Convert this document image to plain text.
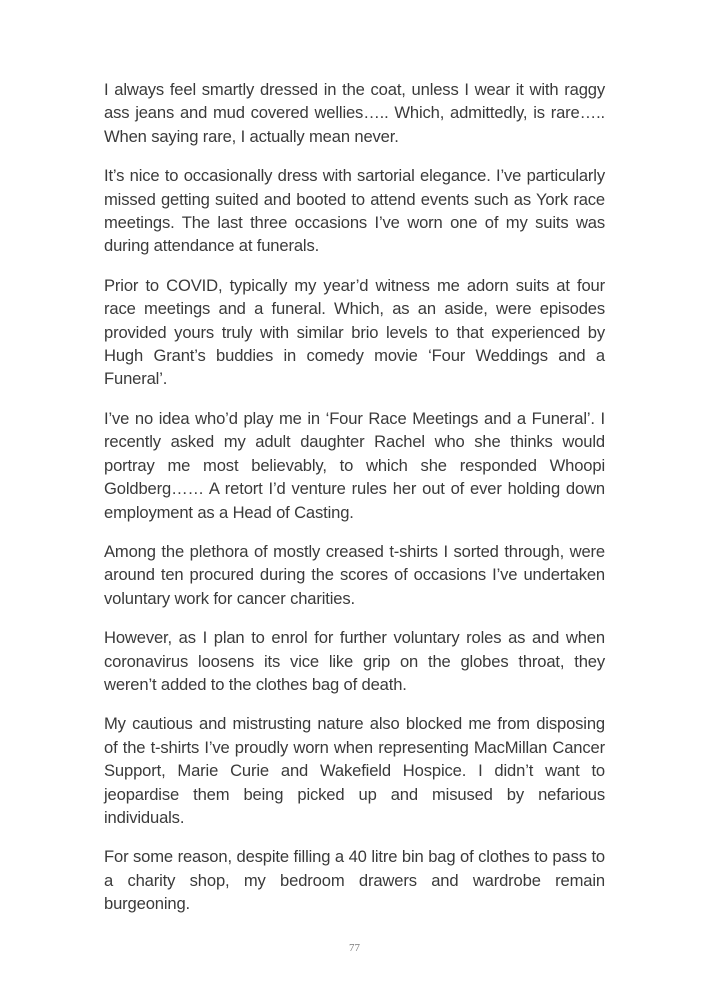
I always feel smartly dressed in the coat, unless I wear it with raggy ass jeans and mud covered wellies….. Which, admittedly, is rare….. When saying rare, I actually mean never.

It’s nice to occasionally dress with sartorial elegance. I’ve particularly missed getting suited and booted to attend events such as York race meetings. The last three occasions I’ve worn one of my suits was during attendance at funerals.

Prior to COVID, typically my year’d witness me adorn suits at four race meetings and a funeral. Which, as an aside, were episodes provided yours truly with similar brio levels to that experienced by Hugh Grant’s buddies in comedy movie ‘Four Weddings and a Funeral’.

I’ve no idea who’d play me in ‘Four Race Meetings and a Funeral’. I recently asked my adult daughter Rachel who she thinks would portray me most believably, to which she responded Whoopi Goldberg…… A retort I’d venture rules her out of ever holding down employment as a Head of Casting.

Among the plethora of mostly creased t-shirts I sorted through, were around ten procured during the scores of occasions I’ve undertaken voluntary work for cancer charities.

However, as I plan to enrol for further voluntary roles as and when coronavirus loosens its vice like grip on the globes throat, they weren’t added to the clothes bag of death.

My cautious and mistrusting nature also blocked me from disposing of the t-shirts I’ve proudly worn when representing MacMillan Cancer Support, Marie Curie and Wakefield Hospice. I didn’t want to jeopardise them being picked up and misused by nefarious individuals.

For some reason, despite filling a 40 litre bin bag of clothes to pass to a charity shop, my bedroom drawers and wardrobe remain burgeoning.

77
